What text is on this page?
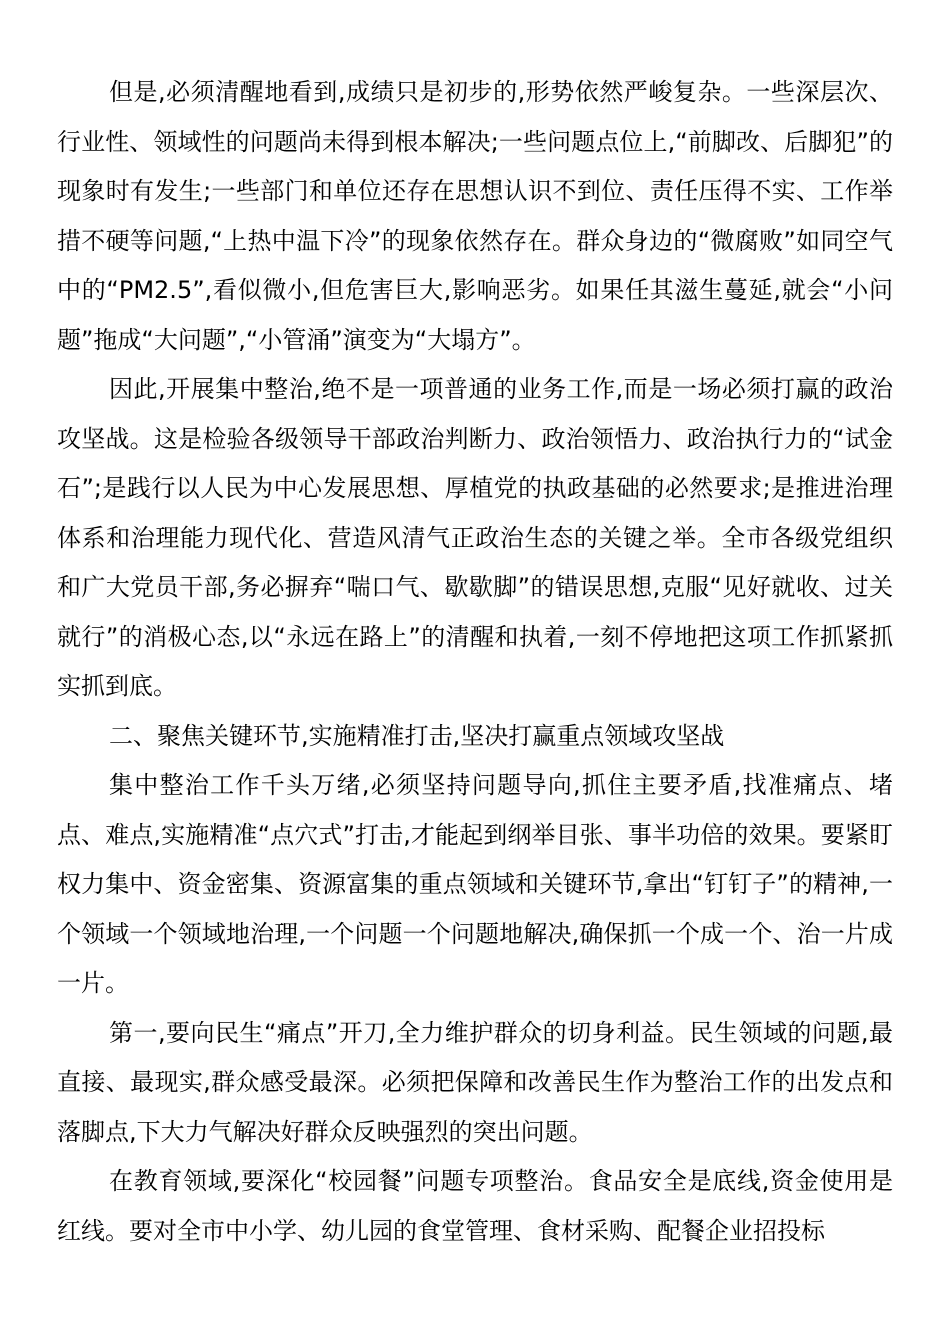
但是,必须清醒地看到,成绩只是初步的,形势依然严峻复杂。一些深层次、行业性、领域性的问题尚未得到根本解决;一些问题点位上,“前脚改、后脚犯”的现象时有发生;一些部门和单位还存在思想认识不到位、责任压得不实、工作举措不硬等问题,“上热中温下冷”的现象依然存在。群众身边的“微腐败”如同空气中的“PM2.5”,看似微小,但危害巨大,影响恶劣。如果任其滋生蔓延,就会“小问题”拖成“大问题”,“小管涌”演变为“大塌方”。

因此,开展集中整治,绝不是一项普通的业务工作,而是一场必须打赢的政治攻坚战。这是检验各级领导干部政治判断力、政治领悟力、政治执行力的“试金石”;是践行以人民为中心发展思想、厚植党的执政基础的必然要求;是推进治理体系和治理能力现代化、营造风清气正政治生态的关键之举。全市各级党组织和广大党员干部,务必摒弃“喘口气、歇歇脚”的错误思想,克服“见好就收、过关就行”的消极心态,以“永远在路上”的清醒和执着,一刻不停地把这项工作抓紧抓实抓到底。

二、聚焦关键环节,实施精准打击,坚决打赢重点领域攻坚战

集中整治工作千头万绪,必须坚持问题导向,抓住主要矛盾,找准痛点、堵点、难点,实施精准“点穴式”打击,才能起到纲举目张、事半功倍的效果。要紧盯权力集中、资金密集、资源富集的重点领域和关键环节,拿出“钉钉子”的精神,一个领域一个领域地治理,一个问题一个问题地解决,确保抓一个成一个、治一片成一片。

第一,要向民生“痛点”开刀,全力维护群众的切身利益。民生领域的问题,最直接、最现实,群众感受最深。必须把保障和改善民生作为整治工作的出发点和落脚点,下大力气解决好群众反映强烈的突出问题。

在教育领域,要深化“校园餐”问题专项整治。食品安全是底线,资金使用是红线。要对全市中小学、幼儿园的食堂管理、食材采购、配餐企业招投标
